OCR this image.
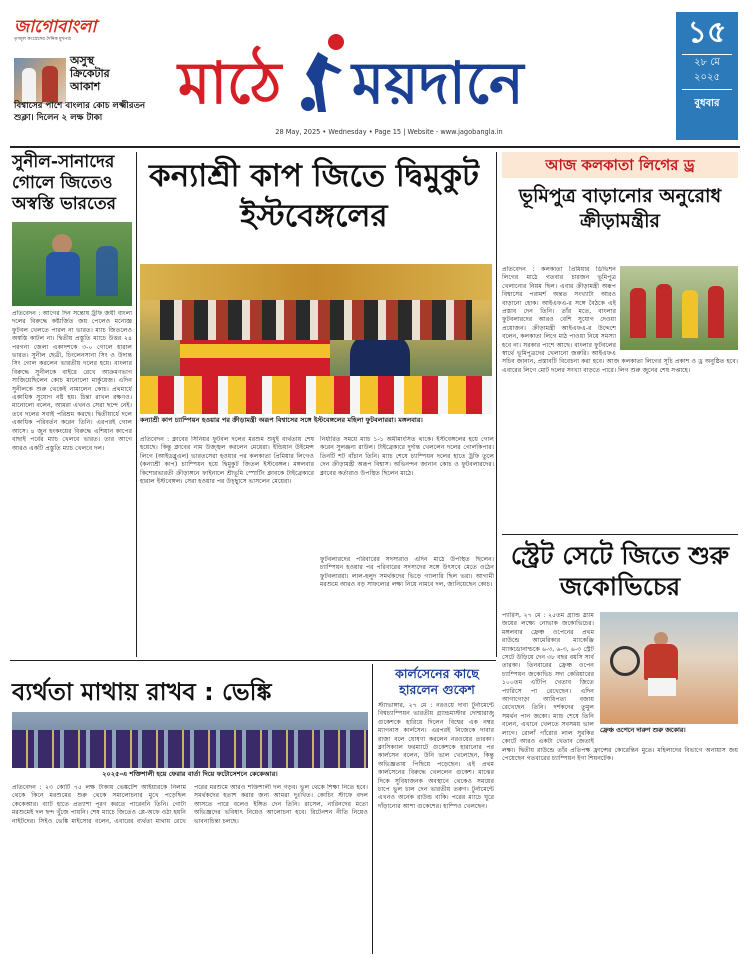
জাগোবাংলা
তৃণমূল কংগ্রেসের দৈনিক মুখপত্র
অসুস্থ ক্রিকেটার আকাশ
বিশ্বাসের পাশে বাংলার কোচ লক্ষ্মীরতন শুক্লা। দিলেন ২ লক্ষ টাকা
মাঠে ময়দানে
28 May, 2025 • Wednesday • Page 15 | Website - www.jagobangla.in
১৫
২৮ মে
২০২৫
বুধবার
সুনীল-সানাদের গোলে জিতেও অস্বস্তি ভারতের
প্রতিবেদন : আগের দিন সন্তোষ ট্রফি জয়ী বাংলা দলের বিরুদ্ধে কষ্টার্জিত জয় পেলেও মনোজ্ঞ ফুটবল খেলতে পারল না ভারত। ম্যাচ জিতলেও অস্বস্তি কাটল না। দ্বিতীয় প্রস্তুতি ম্যাচে উত্তর ২৪ পরগনা জেলা একাদশকে ৩-০ গোলে হারাল ভারত। সুনীল ছেত্রী, চিংলেনসানা সিং ও উদান্ত সিং গোল করলেন ভারতীয় দলের হয়ে। বাংলার বিরুদ্ধে সুনীলকে বাইরে রেখে আক্রমণভাগ সাজিয়েছিলেন কোচ মানোলো মার্কুয়েজ। এদিন সুনীলকে শুরু থেকেই নামালেন কোচ। প্রথমার্ধে একাধিক সুযোগ নষ্ট হয়। চিন্তা রাখল রক্ষণও। মানোলো বলেন, আমরা এখনও সেরা ছন্দে নেই। তবে দলের সবাই পরিশ্রম করছে। দ্বিতীয়ার্ধে দলে একাধিক পরিবর্তন করেন তিনি। এরপরই গোল আসে। ৪ জুন হংকংয়ের বিরুদ্ধে এশিয়ান কাপের বাছাই পর্বের ম্যাচ খেলবে ভারত। তার আগে আরও একটি প্রস্তুতি ম্যাচ খেলবে দল।
কন্যাশ্রী কাপ জিতে দ্বিমুকুট ইস্টবেঙ্গলের
কন্যাশ্রী কাপ চ্যাম্পিয়ন হওয়ার পর ক্রীড়ামন্ত্রী অরূপ বিশ্বাসের সঙ্গে ইস্টবেঙ্গলের মহিলা ফুটবলাররা। মঙ্গলবার।
প্রতিবেদন : ক্লাবের সিনিয়র ফুটবল দলের মরশুম শুধুই ব্যর্থতায় শেষ হয়েছে। কিন্তু ক্লাবের নাম উজ্জ্বল করলেন মেয়েরা। ইন্ডিয়ান উইমেন্স লিগে (আইডব্লুএল) ভারতসেরা হওয়ার পর কলকাতা প্রিমিয়ার লিগেও (কন্যাশ্রী কাপ) চ্যাম্পিয়ন হয়ে দ্বিমুকুট জিতল ইস্টবেঙ্গল। মঙ্গলবার কিশোরভারতী ক্রীড়াঙ্গনে ফাইনালে শ্রীভূমি স্পোর্টিং ক্লাবকে টাইব্রেকারে হারাল ইস্টবেঙ্গল। সেরা হওয়ার পর উচ্ছ্বাসে ভাসলেন মেয়েরা।
নির্ধারিত সময়ে ম্যাচ ১-১ অমীমাংসিত থাকে। ইস্টবেঙ্গলের হয়ে গোল করেন সুলঞ্জনা রাউল। টাইব্রেকারে দুর্দান্ত খেললেন দলের গোলকিপার। তিনটি শট বাঁচান তিনি। ম্যাচ শেষে চ্যাম্পিয়ন দলের হাতে ট্রফি তুলে দেন ক্রীড়ামন্ত্রী অরূপ বিশ্বাস। অভিনন্দন জানান কোচ ও ফুটবলারদের। ক্লাবের কর্তারাও উপস্থিত ছিলেন মাঠে।
ফুটবলারদের পরিবারের সদস্যরাও এদিন মাঠে উপস্থিত ছিলেন। চ্যাম্পিয়ন হওয়ার পর পরিবারের সদস্যদের সঙ্গে উৎসবে মেতে ওঠেন ফুটবলাররা। লাল-হলুদ সমর্থকদের ভিড়ে গ্যালারি ছিল ভরা। আগামী মরশুমে আরও বড় সাফল্যের লক্ষ্য নিয়ে নামবে দল, জানিয়েছেন কোচ।
আজ কলকাতা লিগের ড্র
ভূমিপুত্র বাড়ানোর অনুরোধ ক্রীড়ামন্ত্রীর
প্রতিবেদন : কলকাতা প্রিমিয়ার ডিভিশন লিগের মাঠে গতবার চারজন ভূমিপুত্র খেলানোর নিয়ম ছিল। এবার ক্রীড়ামন্ত্রী অরূপ বিশ্বাসের পরামর্শ অন্তত সংখ্যাটা আরও বাড়ানো হোক। আইএফএ-র সঙ্গে বৈঠকে এই প্রস্তাব দেন তিনি। তাঁর মতে, বাংলার ফুটবলারদের আরও বেশি সুযোগ দেওয়া প্রয়োজন। ক্রীড়ামন্ত্রী আইএফএ-র উদ্দেশে বলেন, কলকাতা লিগে মাঠ পাওয়া নিয়ে সমস্যা হবে না। সরকার পাশে আছে। বাংলার ফুটবলের স্বার্থে ভূমিপুত্রদের খেলানো জরুরি। আইএফএ সচিব জানান, প্রস্তাবটি বিবেচনা করা হবে। আজ কলকাতা লিগের সূচি প্রকাশ ও ড্র অনুষ্ঠিত হবে। এবারের লিগে মোট দলের সংখ্যা বাড়তে পারে। লিগ শুরু জুনের শেষ সপ্তাহে।
স্ট্রেট সেটে জিতে শুরু জকোভিচের
ফ্রেঞ্চ ওপেনে দারুণ শুরু জকোর।
প্যারিস, ২৭ মে : ২৫তম গ্র্যান্ড স্ল্যাম জয়ের লক্ষ্যে নোভাক জকোভিচের। মঙ্গলবার ফ্রেঞ্চ ওপেনের প্রথম রাউন্ডে আমেরিকার ম্যাকেঞ্জি ম্যাকডোনাল্ডকে ৬-৩, ৬-৩, ৬-৩ স্ট্রেট সেটে উড়িয়ে দেন ৩৮ বছর বয়সি সার্ব তারকা। তিনবারের ফ্রেঞ্চ ওপেন চ্যাম্পিয়ন জকোভিচ সদ্য কেরিয়ারের ১০০তম এটিপি খেতাব জিতে প্যারিসে পা রেখেছেন। এদিন আগাগোড়া আধিপত্য বজায় রেখেছেন তিনি। দর্শকদের তুমুল সমর্থন পান জকো। ম্যাচ শেষে তিনি বলেন, এখানে খেলতে সবসময় ভাল লাগে। রোলাঁ গাঁরোর লাল সুরকির কোর্টে আরও একটা খেতাব জেতাই লক্ষ্য। দ্বিতীয় রাউন্ডে তাঁর প্রতিপক্ষ ফ্রান্সের কোরেন্তিন মুতে। মহিলাদের বিভাগে অনায়াস জয় পেয়েছেন গতবারের চ্যাম্পিয়ন ইগা শিয়নটেক।
ব্যর্থতা মাথায় রাখব : ভেঙ্কি
২০২৫-এ শক্তিশালী হয়ে ফেরার বার্তা দিয়ে ফটোসেশনে কেকেআর।
প্রতিবেদন : ২৩ কোটি ৭৫ লক্ষ টাকায় ভেঙ্কটেশ আইয়ারকে নিলাম থেকে কিনে মরশুমের শুরু থেকে সমালোচনার মুখে পড়েছিল কেকেআর। ব্যাট হাতে প্রত্যাশা পূরণ করতে পারেননি তিনি। গোটা মরশুমেই দল ছন্দ খুঁজে পায়নি। শেষ ম্যাচে জিতেও প্লে-অফে ওঠা হয়নি নাইটদের। সিইও ভেঙ্কি মাইসোর বলেন, এবারের ব্যর্থতা মাথায় রেখে পরের মরশুমে আরও শক্তিশালী দল গড়ব। ভুল থেকে শিক্ষা নিতে হবে। সমর্থকদের হতাশ করার জন্য আমরা দুঃখিত। কোচিং স্টাফে বদল আসতে পারে বলেও ইঙ্গিত দেন তিনি। রাসেল, নারিনদের মতো অভিজ্ঞদের ভবিষ্যৎ নিয়েও আলোচনা হবে। রিটেনশন নীতি নিয়েও ভাবনাচিন্তা চলছে।
কার্লসেনের কাছে হারলেন গুকেশ
স্ট্যাভাঙ্গার, ২৭ মে : নরওয়ে দাবা টুর্নামেন্টে বিশ্বচ্যাম্পিয়ন ভারতীয় গ্র্যান্ডমাস্টার দোম্মারাজু গুকেশকে হারিয়ে দিলেন বিশ্বের এক নম্বর ম্যাগনাস কার্লসেন। এরপরই নিজেকে দাবার রাজা বলে ঘোষণা করলেন নরওয়ের তারকা। ক্লাসিক্যাল ফরম্যাটে গুকেশকে হারানোর পর কার্লসেন বলেন, উনি ভাল খেলেছেন, কিন্তু অভিজ্ঞতায় পিছিয়ে পড়েছেন। এই প্রথম কার্লসেনের বিরুদ্ধে খেললেন গুকেশ। মাঝের দিকে সুবিধাজনক অবস্থানে থেকেও সময়ের চাপে ভুল চাল দেন ভারতীয় তরুণ। টুর্নামেন্টে এখনও অনেক রাউন্ড বাকি। পরের ম্যাচে ঘুরে দাঁড়ানোর আশা গুকেশের। হাম্পিও খেলছেন।
